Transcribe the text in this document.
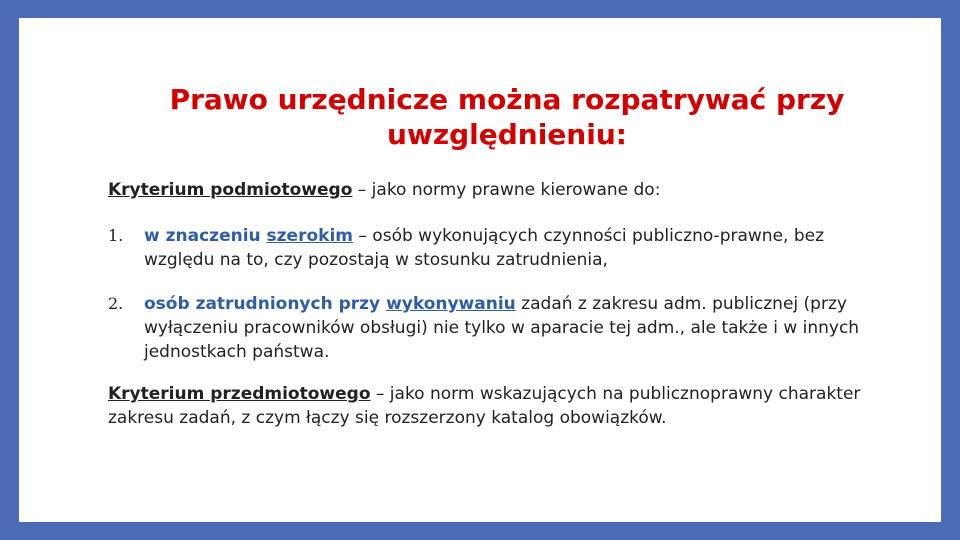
Prawo urzędnicze można rozpatrywać przy
uwzględnieniu:

Kryterium podmiotowego – jako normy prawne kierowane do:

1. w znaczeniu szerokim – osób wykonujących czynności publiczno-prawne, bez względu na to, czy pozostają w stosunku zatrudnienia,
2. osób zatrudnionych przy wykonywaniu zadań z zakresu adm. publicznej (przy wyłączeniu pracowników obsługi) nie tylko w aparacie tej adm., ale także i w innych jednostkach państwa.

Kryterium przedmiotowego – jako norm wskazujących na publicznoprawny charakter zakresu zadań, z czym łączy się rozszerzony katalog obowiązków.
